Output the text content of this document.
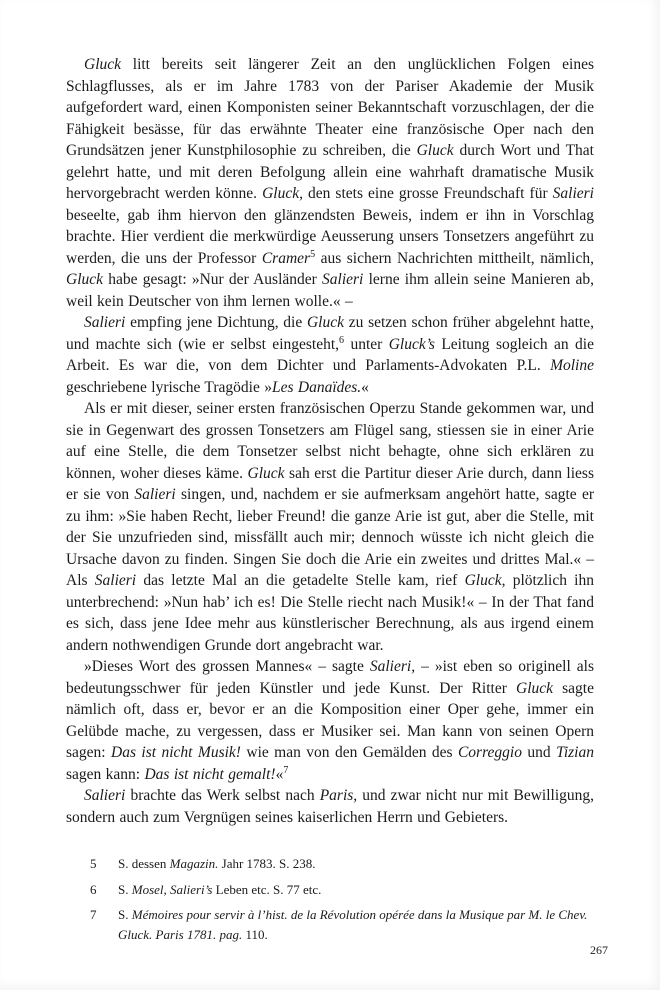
Gluck litt bereits seit längerer Zeit an den unglücklichen Folgen eines Schlagflusses, als er im Jahre 1783 von der Pariser Akademie der Musik aufgefordert ward, einen Komponisten seiner Bekanntschaft vorzuschlagen, der die Fähigkeit besässe, für das erwähnte Theater eine französische Oper nach den Grundsätzen jener Kunstphilosophie zu schreiben, die Gluck durch Wort und That gelehrt hatte, und mit deren Befolgung allein eine wahrhaft dramatische Musik hervorgebracht werden könne. Gluck, den stets eine grosse Freundschaft für Salieri beseelte, gab ihm hiervon den glänzendsten Beweis, indem er ihn in Vorschlag brachte. Hier verdient die merkwürdige Aeusserung unsers Tonsetzers angeführt zu werden, die uns der Professor Cramer$^5$ aus sichern Nachrichten mittheilt, nämlich, Gluck habe gesagt: »Nur der Ausländer Salieri lerne ihm allein seine Manieren ab, weil kein Deutscher von ihm lernen wolle.« –

Salieri empfing jene Dichtung, die Gluck zu setzen schon früher abgelehnt hatte, und machte sich (wie er selbst eingesteht,$^6$ unter Gluck’s Leitung sogleich an die Arbeit. Es war die, von dem Dichter und Parlaments-Advokaten P.L. Moline geschriebene lyrische Tragödie »Les Danaïdes.«

Als er mit dieser, seiner ersten französischen Operzu Stande gekommen war, und sie in Gegenwart des grossen Tonsetzers am Flügel sang, stiessen sie in einer Arie auf eine Stelle, die dem Tonsetzer selbst nicht behagte, ohne sich erklären zu können, woher dieses käme. Gluck sah erst die Partitur dieser Arie durch, dann liess er sie von Salieri singen, und, nachdem er sie aufmerksam angehört hatte, sagte er zu ihm: »Sie haben Recht, lieber Freund! die ganze Arie ist gut, aber die Stelle, mit der Sie unzufrieden sind, missfällt auch mir; dennoch wüsste ich nicht gleich die Ursache davon zu finden. Singen Sie doch die Arie ein zweites und drittes Mal.« – Als Salieri das letzte Mal an die getadelte Stelle kam, rief Gluck, plötzlich ihn unterbrechend: »Nun hab’ ich es! Die Stelle riecht nach Musik!« – In der That fand es sich, dass jene Idee mehr aus künstlerischer Berechnung, als aus irgend einem andern nothwendigen Grunde dort angebracht war.

»Dieses Wort des grossen Mannes« – sagte Salieri, – »ist eben so originell als bedeutungsschwer für jeden Künstler und jede Kunst. Der Ritter Gluck sagte nämlich oft, dass er, bevor er an die Komposition einer Oper gehe, immer ein Gelübde mache, zu vergessen, dass er Musiker sei. Man kann von seinen Opern sagen: Das ist nicht Musik! wie man von den Gemälden des Correggio und Tizian sagen kann: Das ist nicht gemalt!«$^7$

Salieri brachte das Werk selbst nach Paris, und zwar nicht nur mit Bewilligung, sondern auch zum Vergnügen seines kaiserlichen Herrn und Gebieters.

5	S. dessen Magazin. Jahr 1783. S. 238.
6	S. Mosel, Salieri’s Leben etc. S. 77 etc.
7	S. Mémoires pour servir à l’hist. de la Révolution opérée dans la Musique par M. le Chev. Gluck. Paris 1781. pag. 110.
267
